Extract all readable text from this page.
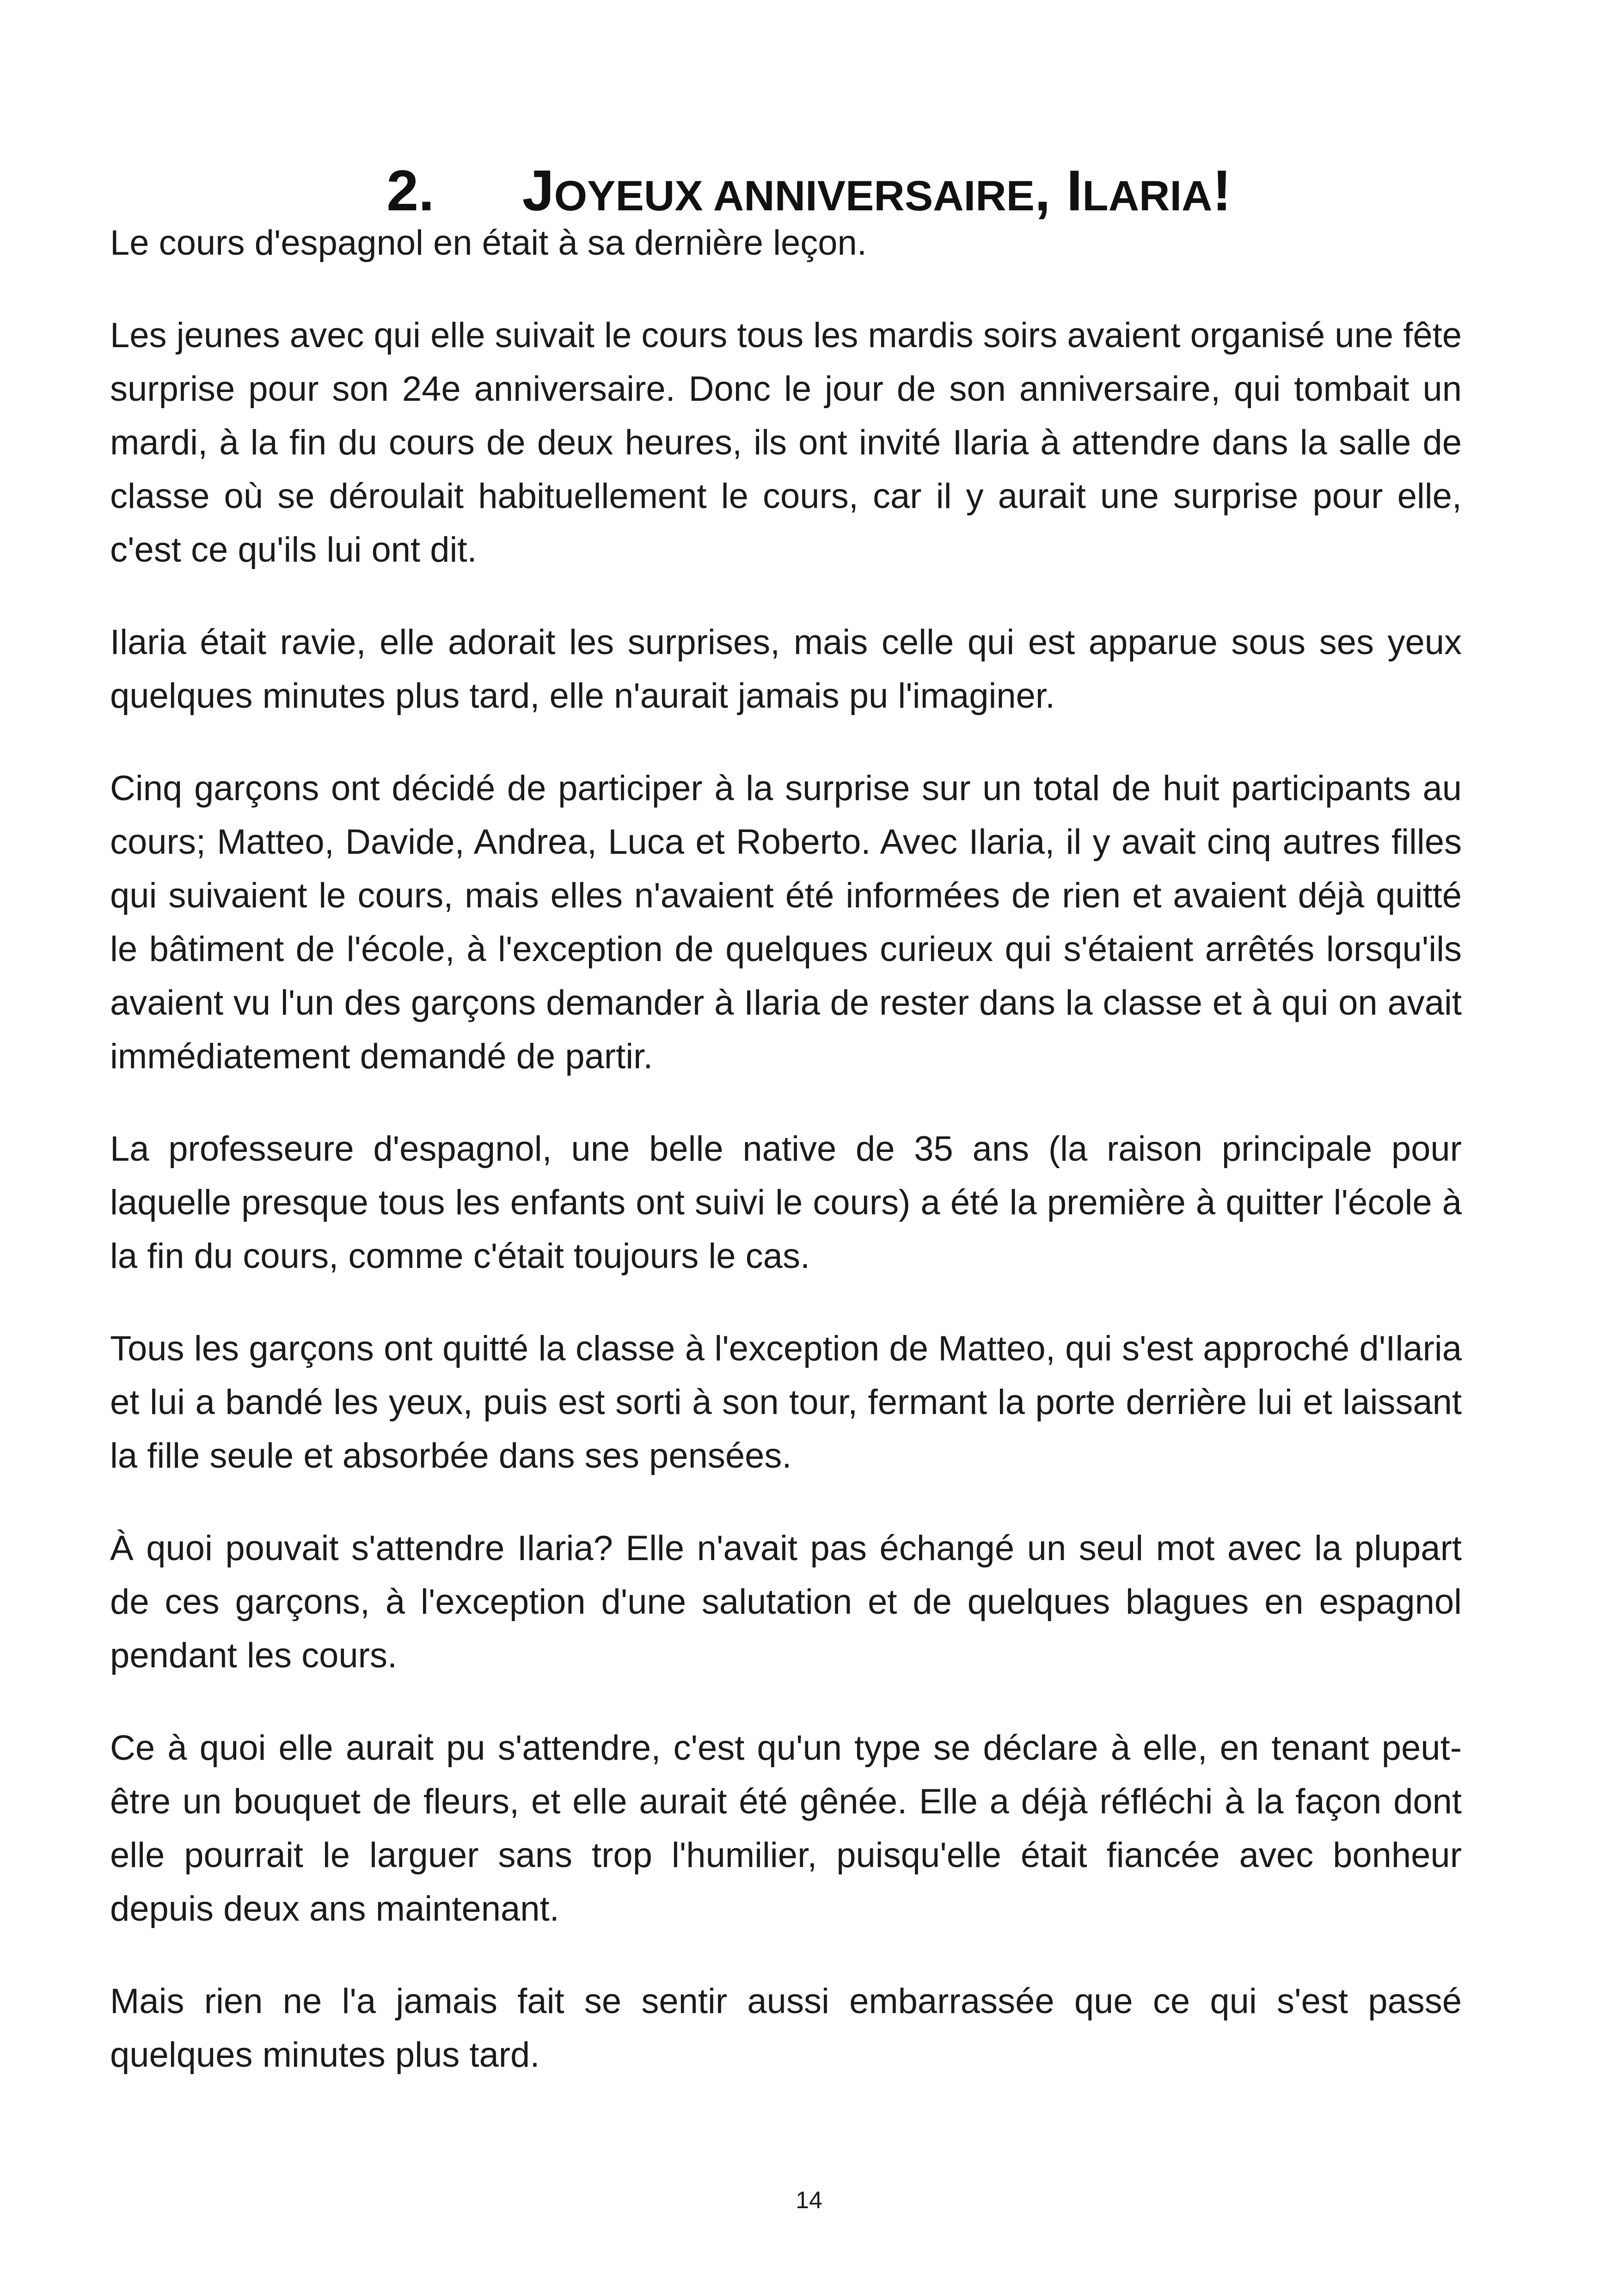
2. JOYEUX ANNIVERSAIRE, ILARIA!

Le cours d'espagnol en était à sa dernière leçon.

Les jeunes avec qui elle suivait le cours tous les mardis soirs avaient organisé une fête surprise pour son 24e anniversaire. Donc le jour de son anniversaire, qui tombait un mardi, à la fin du cours de deux heures, ils ont invité Ilaria à attendre dans la salle de classe où se déroulait habituellement le cours, car il y aurait une surprise pour elle, c'est ce qu'ils lui ont dit.

Ilaria était ravie, elle adorait les surprises, mais celle qui est apparue sous ses yeux quelques minutes plus tard, elle n'aurait jamais pu l'imaginer.

Cinq garçons ont décidé de participer à la surprise sur un total de huit participants au cours; Matteo, Davide, Andrea, Luca et Roberto. Avec Ilaria, il y avait cinq autres filles qui suivaient le cours, mais elles n'avaient été informées de rien et avaient déjà quitté le bâtiment de l'école, à l'exception de quelques curieux qui s'étaient arrêtés lorsqu'ils avaient vu l'un des garçons demander à Ilaria de rester dans la classe et à qui on avait immédiatement demandé de partir.

La professeure d'espagnol, une belle native de 35 ans (la raison principale pour laquelle presque tous les enfants ont suivi le cours) a été la première à quitter l'école à la fin du cours, comme c'était toujours le cas.

Tous les garçons ont quitté la classe à l'exception de Matteo, qui s'est approché d'Ilaria et lui a bandé les yeux, puis est sorti à son tour, fermant la porte derrière lui et laissant la fille seule et absorbée dans ses pensées.

À quoi pouvait s'attendre Ilaria? Elle n'avait pas échangé un seul mot avec la plupart de ces garçons, à l'exception d'une salutation et de quelques blagues en espagnol pendant les cours.

Ce à quoi elle aurait pu s'attendre, c'est qu'un type se déclare à elle, en tenant peut-être un bouquet de fleurs, et elle aurait été gênée. Elle a déjà réfléchi à la façon dont elle pourrait le larguer sans trop l'humilier, puisqu'elle était fiancée avec bonheur depuis deux ans maintenant.

Mais rien ne l'a jamais fait se sentir aussi embarrassée que ce qui s'est passé quelques minutes plus tard.

14
